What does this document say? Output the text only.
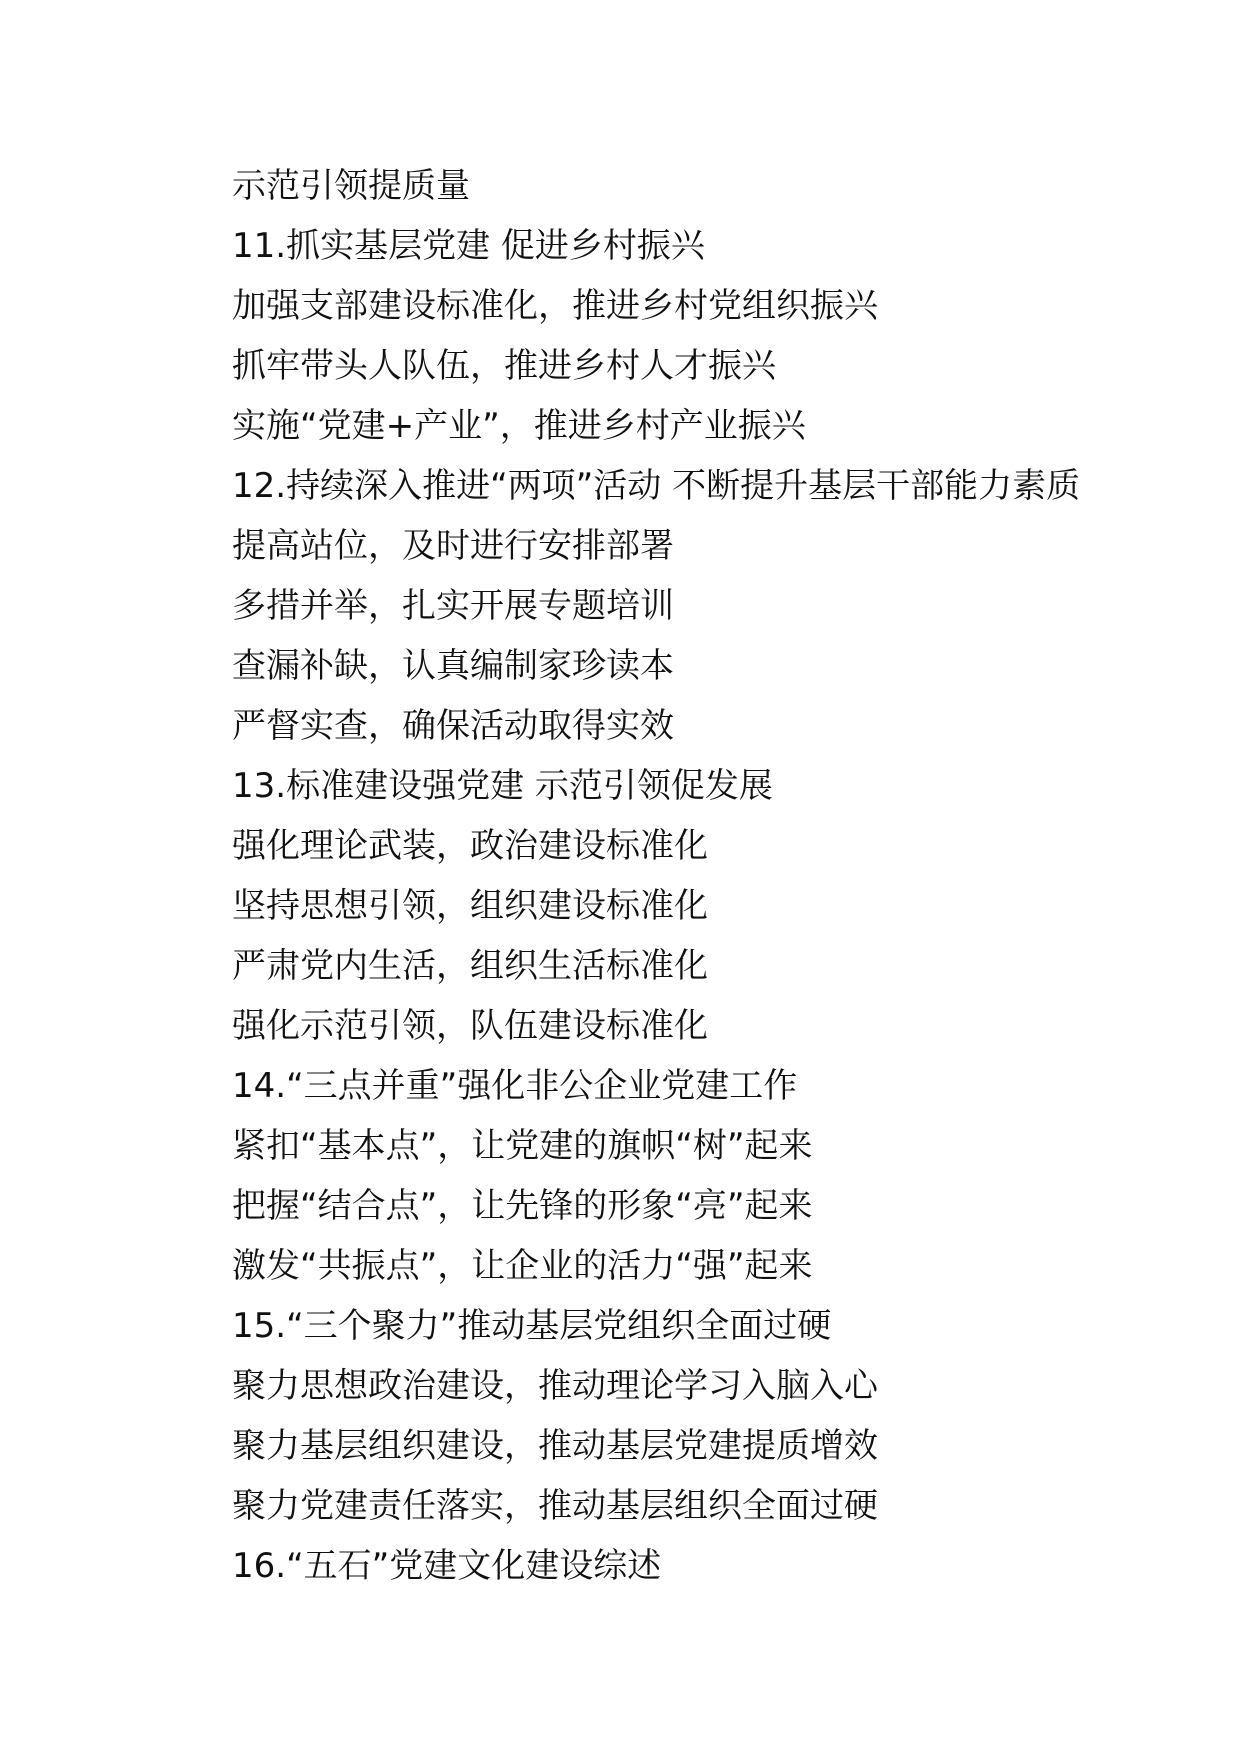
示范引领提质量
11.抓实基层党建 促进乡村振兴
加强支部建设标准化，推进乡村党组织振兴
抓牢带头人队伍，推进乡村人才振兴
实施“党建+产业”，推进乡村产业振兴
12.持续深入推进“两项”活动 不断提升基层干部能力素质
提高站位，及时进行安排部署
多措并举，扎实开展专题培训
查漏补缺，认真编制家珍读本
严督实查，确保活动取得实效
13.标准建设强党建 示范引领促发展
强化理论武装，政治建设标准化
坚持思想引领，组织建设标准化
严肃党内生活，组织生活标准化
强化示范引领，队伍建设标准化
14.“三点并重”强化非公企业党建工作
紧扣“基本点”，让党建的旗帜“树”起来
把握“结合点”，让先锋的形象“亮”起来
激发“共振点”，让企业的活力“强”起来
15.“三个聚力”推动基层党组织全面过硬
聚力思想政治建设，推动理论学习入脑入心
聚力基层组织建设，推动基层党建提质增效
聚力党建责任落实，推动基层组织全面过硬
16.“五石”党建文化建设综述
